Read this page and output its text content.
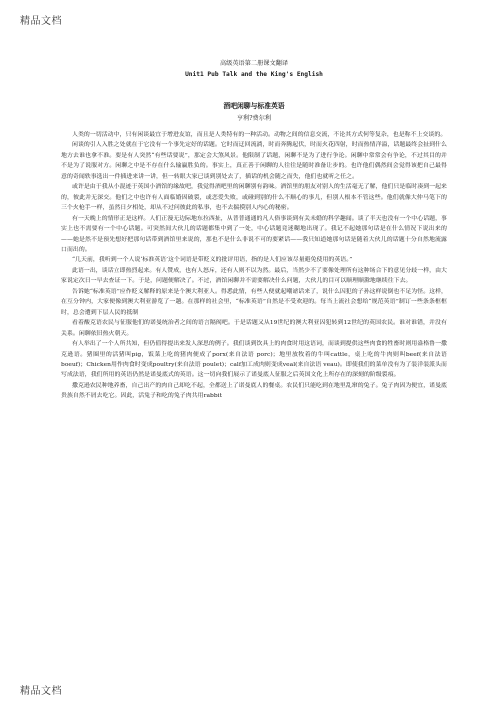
精品文档
高级英语第二册课文翻译
Unit1 Pub Talk and the King's English
酒吧闲聊与标准英语
亨利?费尔利

人类的一切活动中，只有闲谈最宜于增进友谊，而且是人类特有的一种活动。动物之间的信息交流，不论其方式何等复杂，也是称不上交谈的。

闲谈的引人入胜之处就在于它没有一个事先定好的话题。它时而迂回流淌，时而奔腾起伏，时而火花四射，时而热情洋溢，话题最终会扯到什么地方去谁也拿不准。要是有人突然“有些话要说”，那定会大煞风景。他限制了话题，闲聊不是为了进行争论。闲聊中常常会有争论，不过其目的并不是为了说服对方。闲聊之中是不存在什么输赢胜负的。事实上，真正善于闲聊的人往往是随时准备让步的。也许他们偶然间会觉得该把自己最得意的奇闻轶事选出一件插进来讲一讲，但一转眼大家已谈到别处去了，插话的机会随之而失，他们也就听之任之。

或许是由于我从小混迹于英国小酒馆的缘故吧，我觉得酒吧里的闲聊别有韵味。酒馆里的朋友对别人的生活毫无了解，他们只是临时凑到一起来的，彼此并无深交。他们之中也许有人面临婚因破裂，或恋爱失败，或碰到别的什么不顺心的事儿，但别人根本不管这些。他们就像大仲马笔下的三个火枪手一样，虽然日夕相处，却从不过问彼此的私事，也不去揣摸别人内心的秘密。

有一天晚上的情形正是这样。人们正漫无边际地东拉西扯，从普普通通的凡人俗事谈到有关未婚的科学趣闻。谈了半天也没有一个中心话题，事实上也不需要有一个中心话题。可突然间大伙儿的话题都集中到了一处，中心话题竟迷糊地出现了。我记不起她那句话是在什么情况下说出来的——她是然不是预先想好把那句话带到酒馆里来说的，那也不是什么非说不可的要紧话——我只知道她那句话是随着大伙儿的话题十分自然地流露口而出的。

“几天前，我听到一个人说‘标准英语’这个词语是带贬义的批评用语，指的是人们应该尽量避免使用的英语。”

此语一出，谈话立即热烈起来。有人赞成，也有人怒斥，还有人则不以为然。最后，当然少不了要像处理所有这种场合下的意见分歧一样，由大家说定次日一早去查证一下。于是，问题便解决了。不过，酒馆闲聊并不需要解决什么问题，大伙儿的目可以顺理顺滁地继续往下去。

告诉她“标准英语”应作贬义解释的原来是个澳大利亚人。得悉此情，有些人便就起嘲谑话来了，说什么囚犯的子孙这样说倒也不足为怪。这样，在互分钟内，大家便像到澳大利亚游览了一趟。在那样的社会里，“标准英语”自然是不受欢迎的。每当上流社会想给“规范英语”制订一些条条框框时，总会遭到下层人民的抵制

看着酸克语农民与征服他们的诺曼统治者之间的语言隔阂吧。于是话题又从19世纪的澳大利亚囚犯转到12世纪的英国农民。谁对谁错，并没有关系。闲聊依旧热火朝天。

有人举出了一个人所共知，但仍值得提出来发人深思的例子。我们谈到饮具上的肉食时用这语词，而谈到提供这些肉食的牲畜时则用盎格鲁一撒克逊语。猪圈里的活猪叫pig，饭菜上吃的猪肉便成了porx(来自法语 porc)；地里放牧着的牛叫cattle，桌上吃的牛肉则叫beef(来自法语 boeuf)；Chicken用作肉食时变成poultry(来自法语 poulet)；calf加工成肉则变成veal(来自法语 veau)。即使我们的菜单没有为了装洋装派头而写成法语，我们所用的英语仍然是诺曼底式的英语。这一切向我们展示了诺曼底人征服之后英国文化上所存在的深刻的阶级裂痕。

撒克逊农民种地养畜，自己出产的肉自己却吃不起，全都送上了诺曼底人的餐桌。农民们只能吃到在地里乱窜的兔子。兔子肉因为便宜，诺曼底贵族自然不屑去吃它。因此，活兔子和吃的兔子肉共用rabbit

精品文档
